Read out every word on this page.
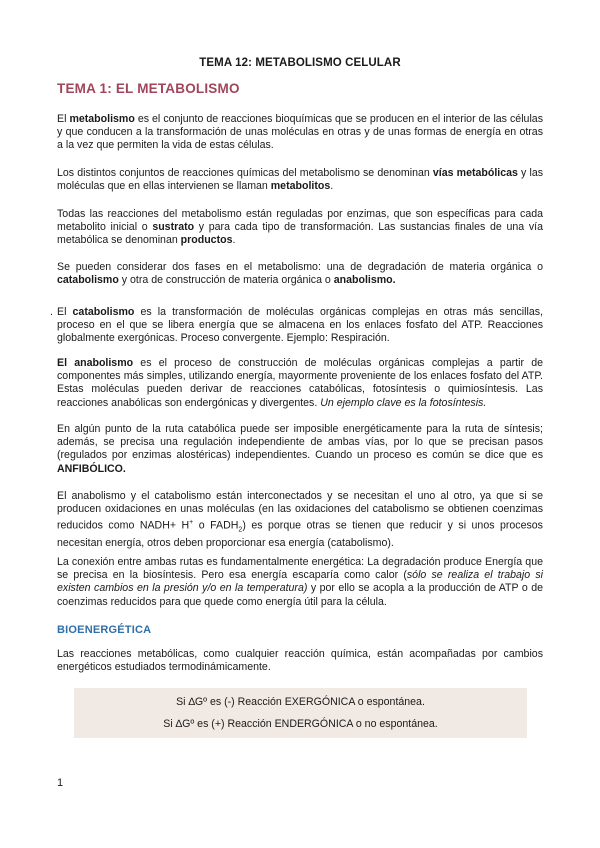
TEMA 12: METABOLISMO CELULAR
TEMA 1: EL METABOLISMO

El metabolismo es el conjunto de reacciones bioquímicas que se producen en el interior de las células y que conducen a la transformación de unas moléculas en otras y de unas formas de energía en otras a la vez que permiten la vida de estas células.

Los distintos conjuntos de reacciones químicas del metabolismo se denominan vías metabólicas y las moléculas que en ellas intervienen se llaman metabolitos.

Todas las reacciones del metabolismo están reguladas por enzimas, que son específicas para cada metabolito inicial o sustrato y para cada tipo de transformación. Las sustancias finales de una vía metabólica se denominan productos.

Se pueden considerar dos fases en el metabolismo: una de degradación de materia orgánica o catabolismo y otra de construcción de materia orgánica o anabolismo.

. El catabolismo es la transformación de moléculas orgánicas complejas en otras más sencillas, proceso en el que se libera energía que se almacena en los enlaces fosfato del ATP. Reacciones globalmente exergónicas. Proceso convergente. Ejemplo: Respiración.

El anabolismo es el proceso de construcción de moléculas orgánicas complejas a partir de componentes más simples, utilizando energía, mayormente proveniente de los enlaces fosfato del ATP. Estas moléculas pueden derivar de reacciones catabólicas, fotosíntesis o quimiosíntesis. Las reacciones anabólicas son endergónicas y divergentes. Un ejemplo clave es la fotosíntesis.

En algún punto de la ruta catabólica puede ser imposible energéticamente para la ruta de síntesis; además, se precisa una regulación independiente de ambas vías, por lo que se precisan pasos (regulados por enzimas alostéricas) independientes. Cuando un proceso es común se dice que es ANFIBÓLICO.

El anabolismo y el catabolismo están interconectados y se necesitan el uno al otro, ya que si se producen oxidaciones en unas moléculas (en las oxidaciones del catabolismo se obtienen coenzimas reducidos como NADH+ H+ o $FADH_2$) es porque otras se tienen que reducir y si unos procesos necesitan energía, otros deben proporcionar esa energía (catabolismo).

La conexión entre ambas rutas es fundamentalmente energética: La degradación produce Energía que se precisa en la biosíntesis. Pero esa energía escaparía como calor (sólo se realiza el trabajo si existen cambios en la presión y/o en la temperatura) y por ello se acopla a la producción de ATP o de coenzimas reducidos para que quede como energía útil para la célula.

BIOENERGÉTICA

Las reacciones metabólicas, como cualquier reacción química, están acompañadas por cambios energéticos estudiados termodinámicamente.

Si ∆Gº es (-) Reacción EXERGÓNICA o espontánea.
Si ∆Gº es (+) Reacción ENDERGÓNICA o no espontánea.
1
